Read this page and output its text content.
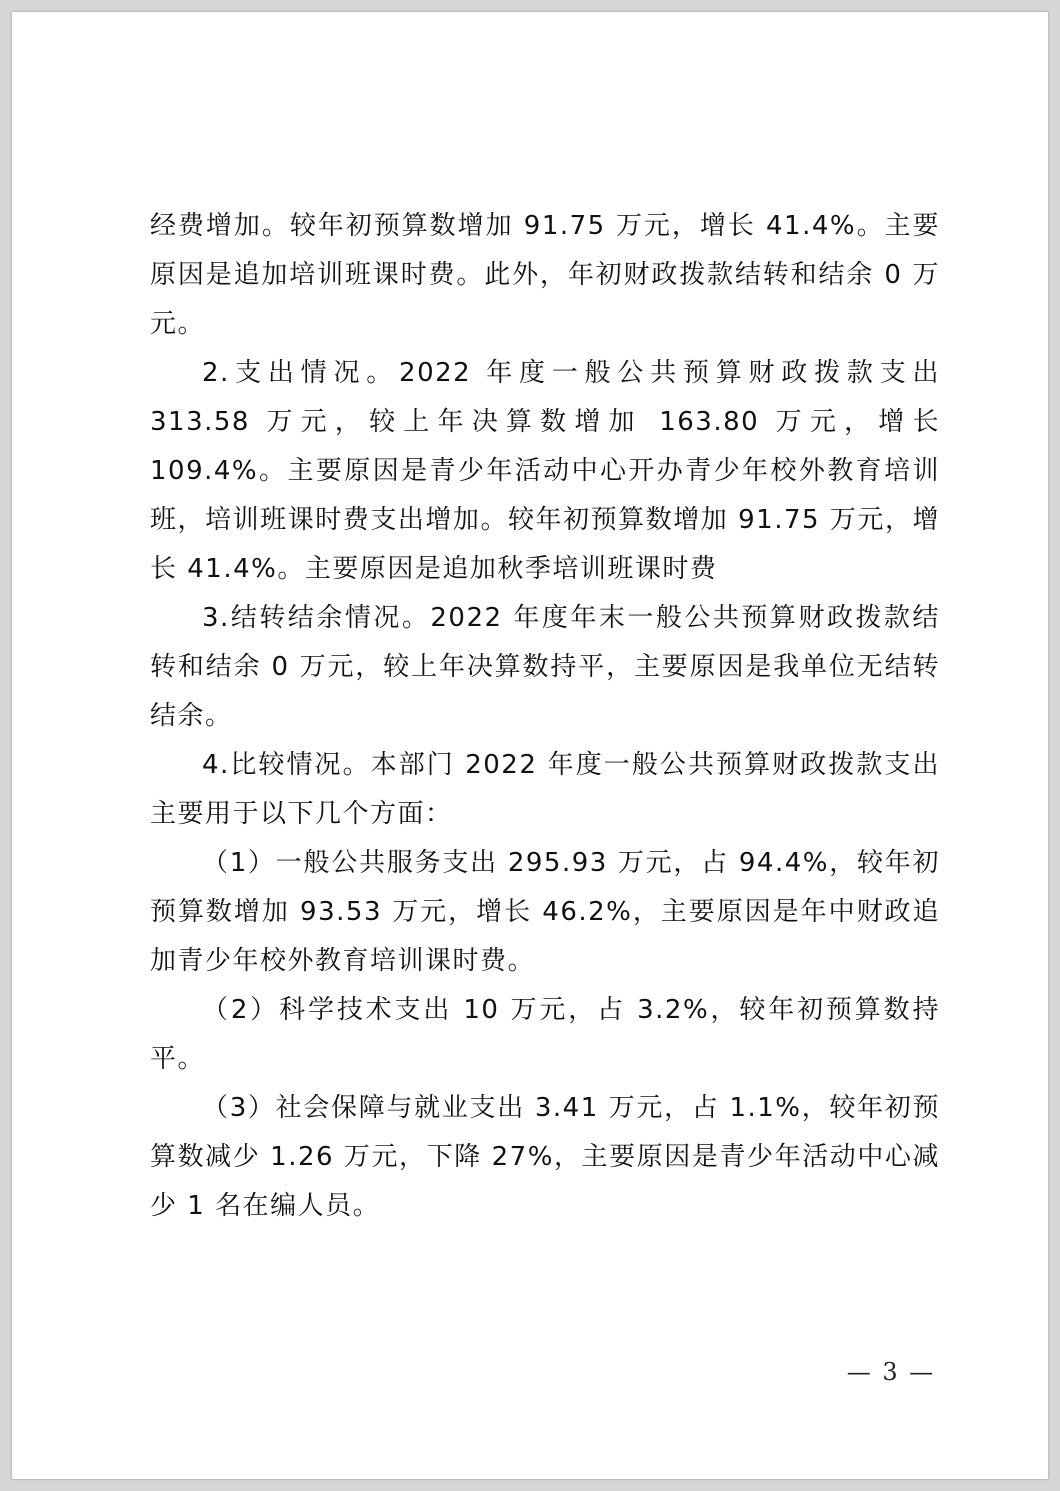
经费增加。较年初预算数增加 91.75 万元，增长 41.4%。主要原因是追加培训班课时费。此外，年初财政拨款结转和结余 0 万元。

2.支出情况。2022 年度一般公共预算财政拨款支出 313.58 万元，较上年决算数增加 163.80 万元，增长 109.4%。主要原因是青少年活动中心开办青少年校外教育培训班，培训班课时费支出增加。较年初预算数增加 91.75 万元，增长 41.4%。主要原因是追加秋季培训班课时费

3.结转结余情况。2022 年度年末一般公共预算财政拨款结转和结余 0 万元，较上年决算数持平，主要原因是我单位无结转结余。

4.比较情况。本部门 2022 年度一般公共预算财政拨款支出主要用于以下几个方面：

（1）一般公共服务支出 295.93 万元，占 94.4%，较年初预算数增加 93.53 万元，增长 46.2%，主要原因是年中财政追加青少年校外教育培训课时费。

（2）科学技术支出 10 万元，占 3.2%，较年初预算数持平。

（3）社会保障与就业支出 3.41 万元，占 1.1%，较年初预算数减少 1.26 万元，下降 27%，主要原因是青少年活动中心减少 1 名在编人员。

— 3 —
